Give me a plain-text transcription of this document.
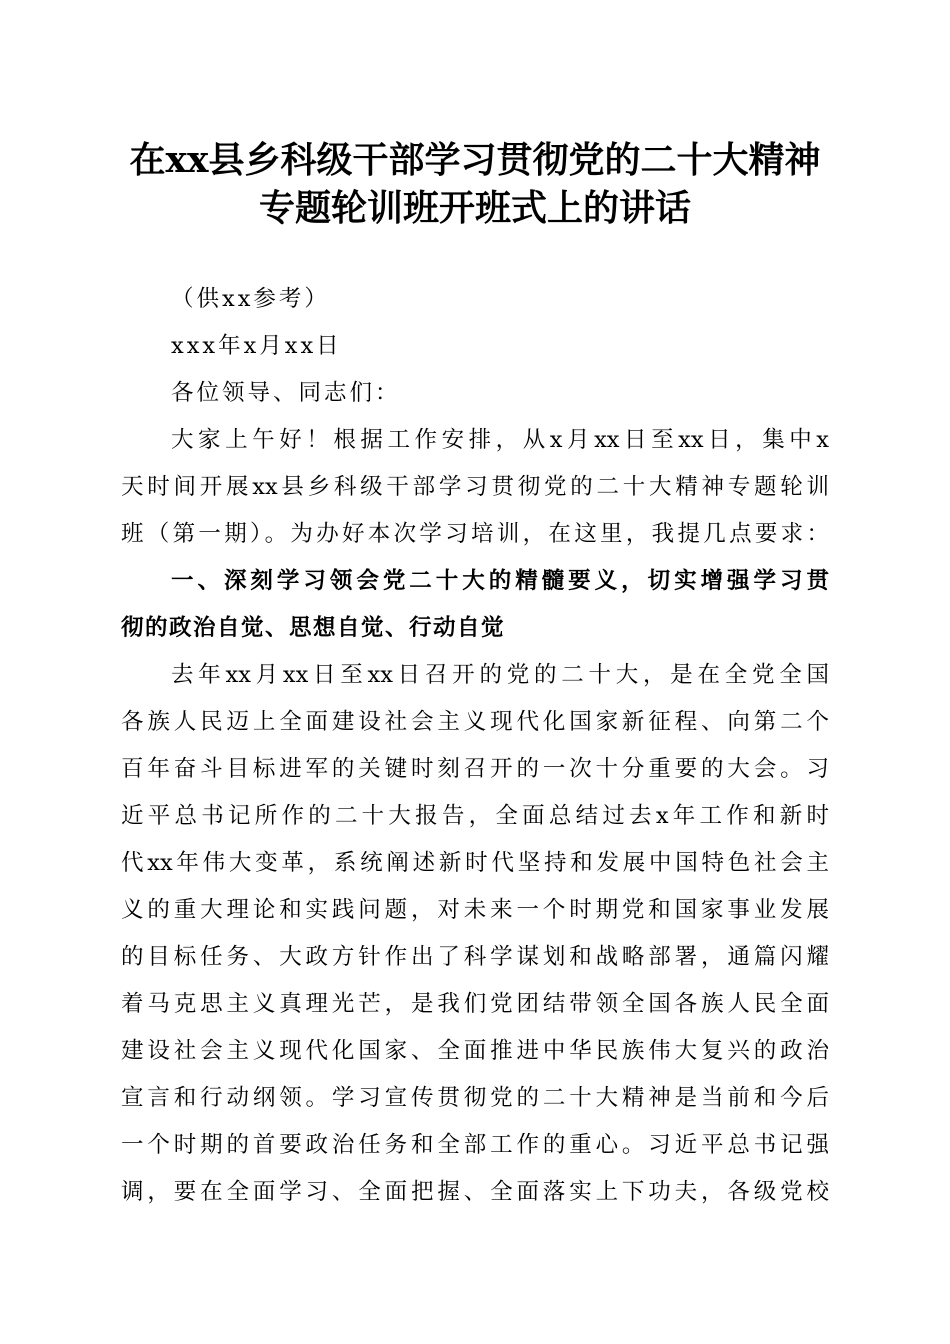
在xx县乡科级干部学习贯彻党的二十大精神
专题轮训班开班式上的讲话
（供xx参考）
xxx年x月xx日
各位领导、同志们：
大家上午好！根据工作安排，从x月xx日至xx日，集中x
天时间开展xx县乡科级干部学习贯彻党的二十大精神专题轮训
班（第一期）。为办好本次学习培训，在这里，我提几点要求：
一、深刻学习领会党二十大的精髓要义，切实增强学习贯
彻的政治自觉、思想自觉、行动自觉
去年xx月xx日至xx日召开的党的二十大，是在全党全国
各族人民迈上全面建设社会主义现代化国家新征程、向第二个
百年奋斗目标进军的关键时刻召开的一次十分重要的大会。习
近平总书记所作的二十大报告，全面总结过去x年工作和新时
代xx年伟大变革，系统阐述新时代坚持和发展中国特色社会主
义的重大理论和实践问题，对未来一个时期党和国家事业发展
的目标任务、大政方针作出了科学谋划和战略部署，通篇闪耀
着马克思主义真理光芒，是我们党团结带领全国各族人民全面
建设社会主义现代化国家、全面推进中华民族伟大复兴的政治
宣言和行动纲领。学习宣传贯彻党的二十大精神是当前和今后
一个时期的首要政治任务和全部工作的重心。习近平总书记强
调，要在全面学习、全面把握、全面落实上下功夫，各级党校
